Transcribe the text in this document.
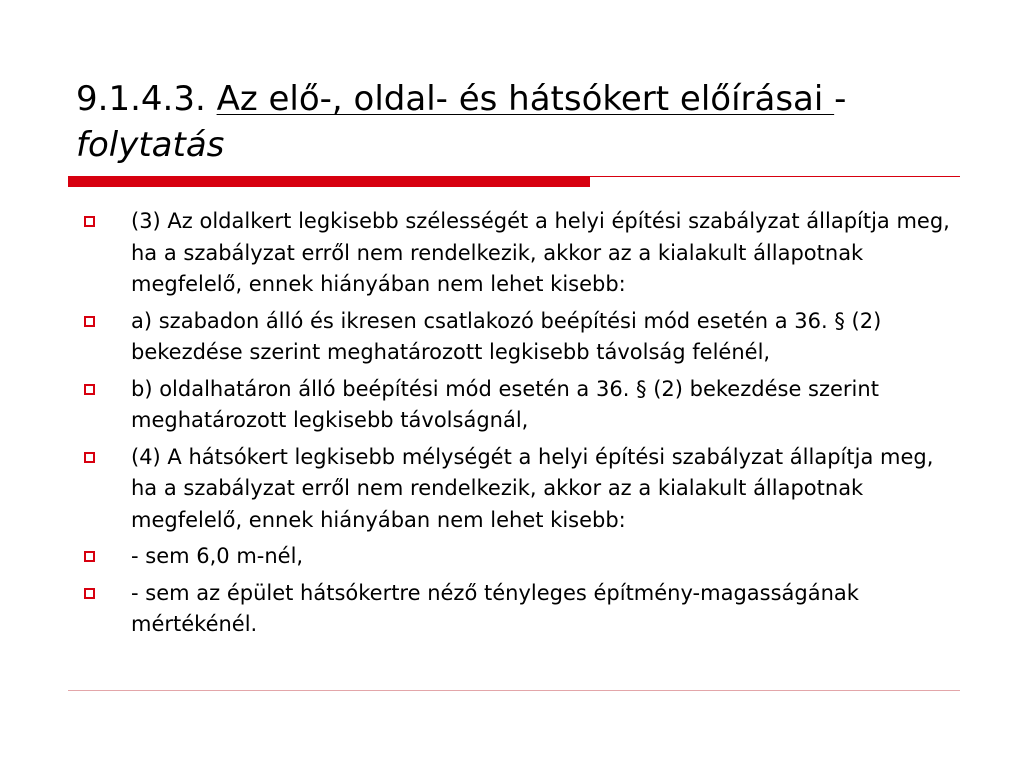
9.1.4.3. Az elő-, oldal- és hátsókert előírásai - folytatás
(3) Az oldalkert legkisebb szélességét a helyi építési szabályzat állapítja meg, ha a szabályzat erről nem rendelkezik, akkor az a kialakult állapotnak megfelelő, ennek hiányában nem lehet kisebb:
a) szabadon álló és ikresen csatlakozó beépítési mód esetén a 36. § (2) bekezdése szerint meghatározott legkisebb távolság felénél,
b) oldalhatáron álló beépítési mód esetén a 36. § (2) bekezdése szerint meghatározott legkisebb távolságnál,
(4) A hátsókert legkisebb mélységét a helyi építési szabályzat állapítja meg, ha a szabályzat erről nem rendelkezik, akkor az a kialakult állapotnak megfelelő, ennek hiányában nem lehet kisebb:
- sem 6,0 m-nél,
- sem az épület hátsókertre néző tényleges építmény-magasságának mértékénél.
